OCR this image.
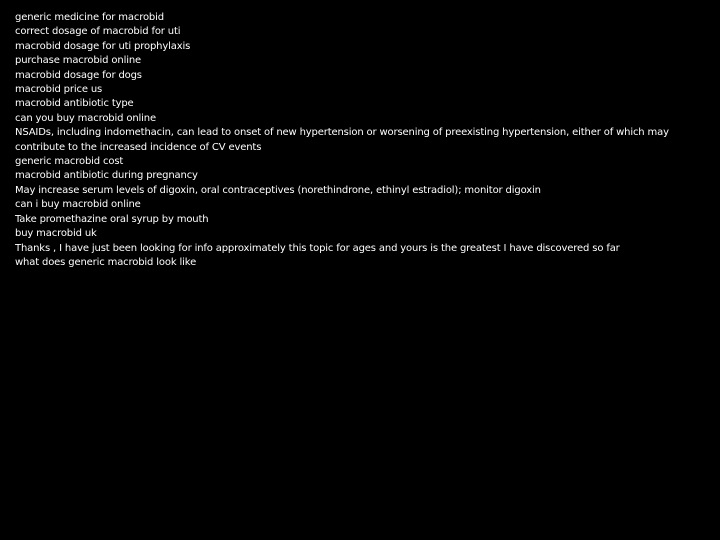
generic medicine for macrobid
correct dosage of macrobid for uti
macrobid dosage for uti prophylaxis
purchase macrobid online
macrobid dosage for dogs
macrobid price us
macrobid antibiotic type
can you buy macrobid online
NSAIDs, including indomethacin, can lead to onset of new hypertension or worsening of preexisting hypertension, either of which may contribute to the increased incidence of CV events
generic macrobid cost
macrobid antibiotic during pregnancy
May increase serum levels of digoxin, oral contraceptives (norethindrone, ethinyl estradiol); monitor digoxin
can i buy macrobid online
Take promethazine oral syrup by mouth
buy macrobid uk
Thanks , I have just been looking for info approximately this topic for ages and yours is the greatest I have discovered so far
what does generic macrobid look like
